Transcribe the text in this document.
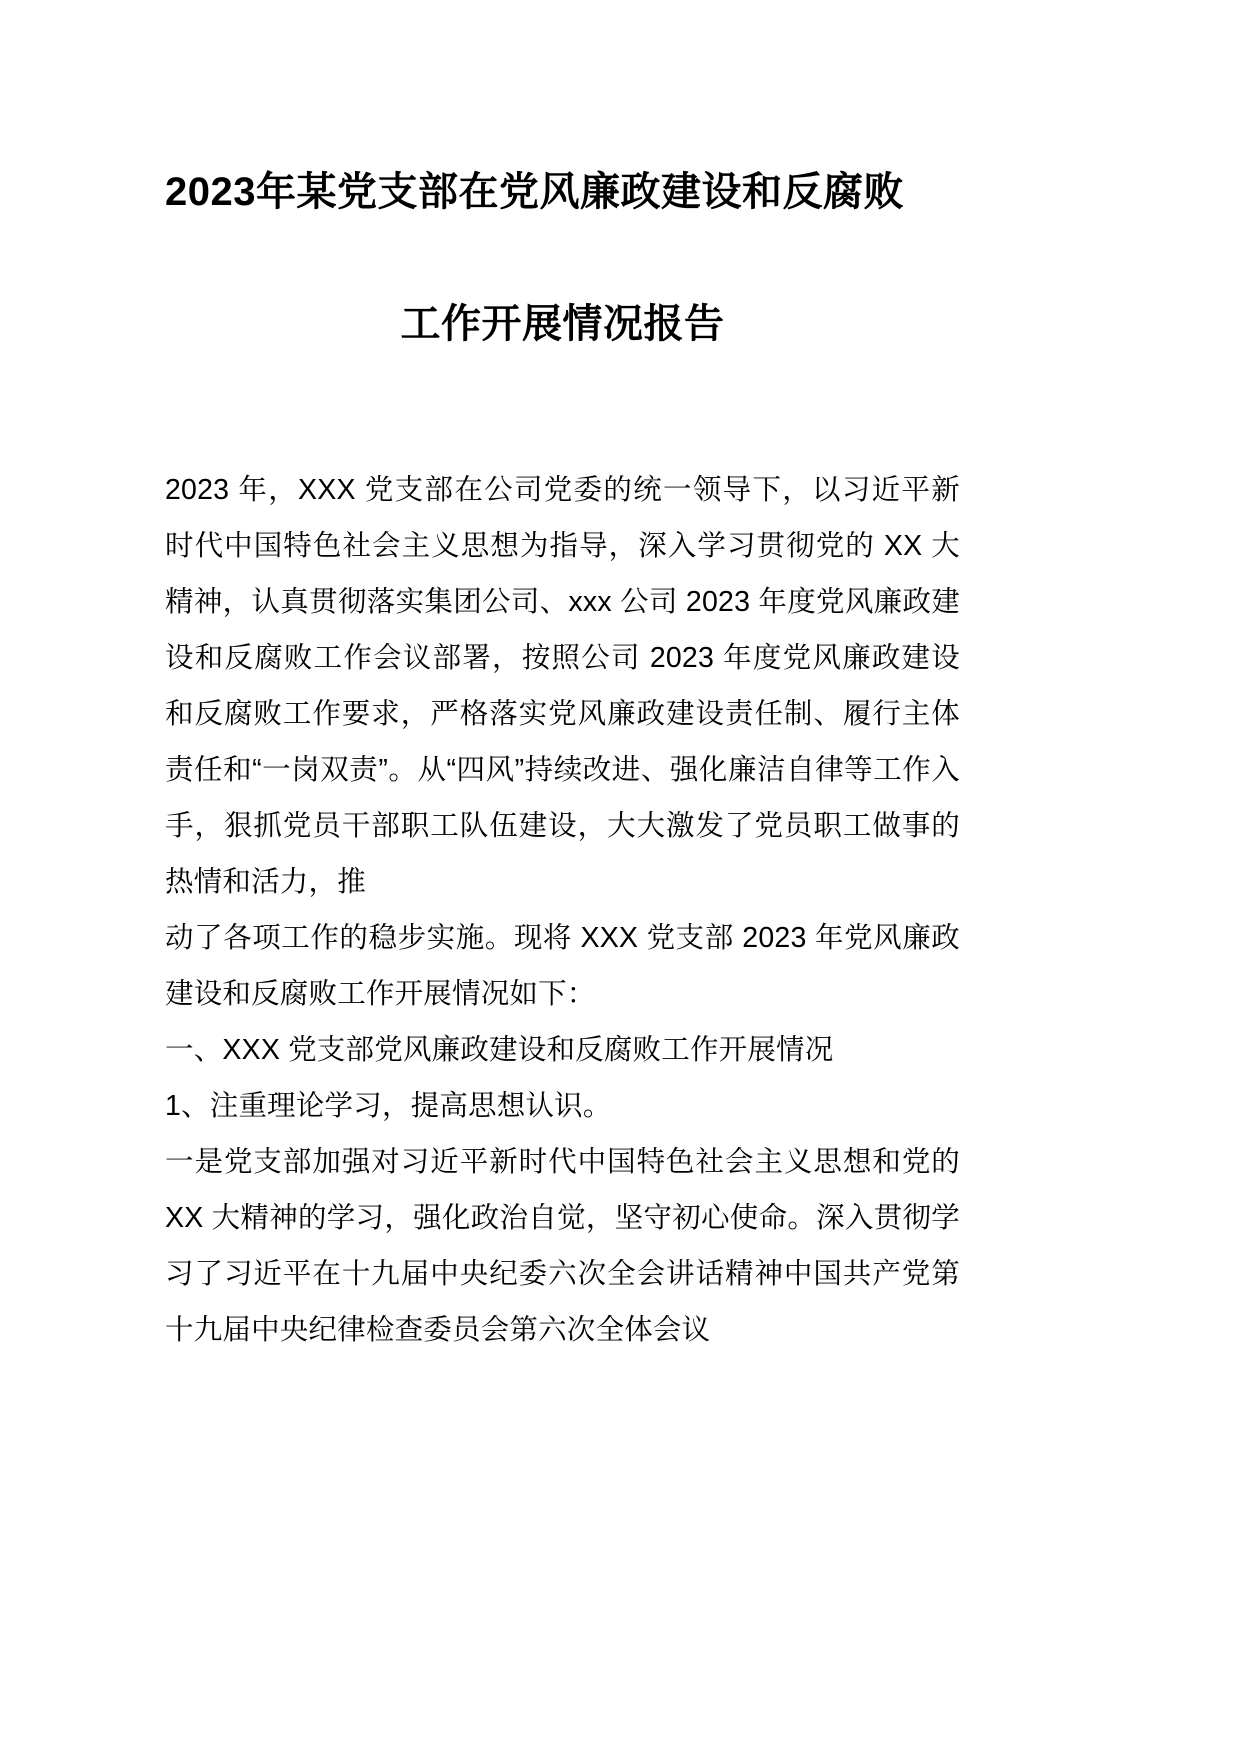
2023年某党支部在党风廉政建设和反腐败
工作开展情况报告

2023 年，XXX 党支部在公司党委的统一领导下，以习近平新时代中国特色社会主义思想为指导，深入学习贯彻党的 XX 大精神，认真贯彻落实集团公司、xxx 公司 2023 年度党风廉政建设和反腐败工作会议部署，按照公司 2023 年度党风廉政建设和反腐败工作要求，严格落实党风廉政建设责任制、履行主体责任和“一岗双责”。从“四风”持续改进、强化廉洁自律等工作入手，狠抓党员干部职工队伍建设，大大激发了党员职工做事的热情和活力，推

动了各项工作的稳步实施。现将 XXX 党支部 2023 年党风廉政建设和反腐败工作开展情况如下：

一、XXX 党支部党风廉政建设和反腐败工作开展情况

1、注重理论学习，提高思想认识。

一是党支部加强对习近平新时代中国特色社会主义思想和党的 XX 大精神的学习，强化政治自觉，坚守初心使命。深入贯彻学习了习近平在十九届中央纪委六次全会讲话精神中国共产党第十九届中央纪律检查委员会第六次全体会议
